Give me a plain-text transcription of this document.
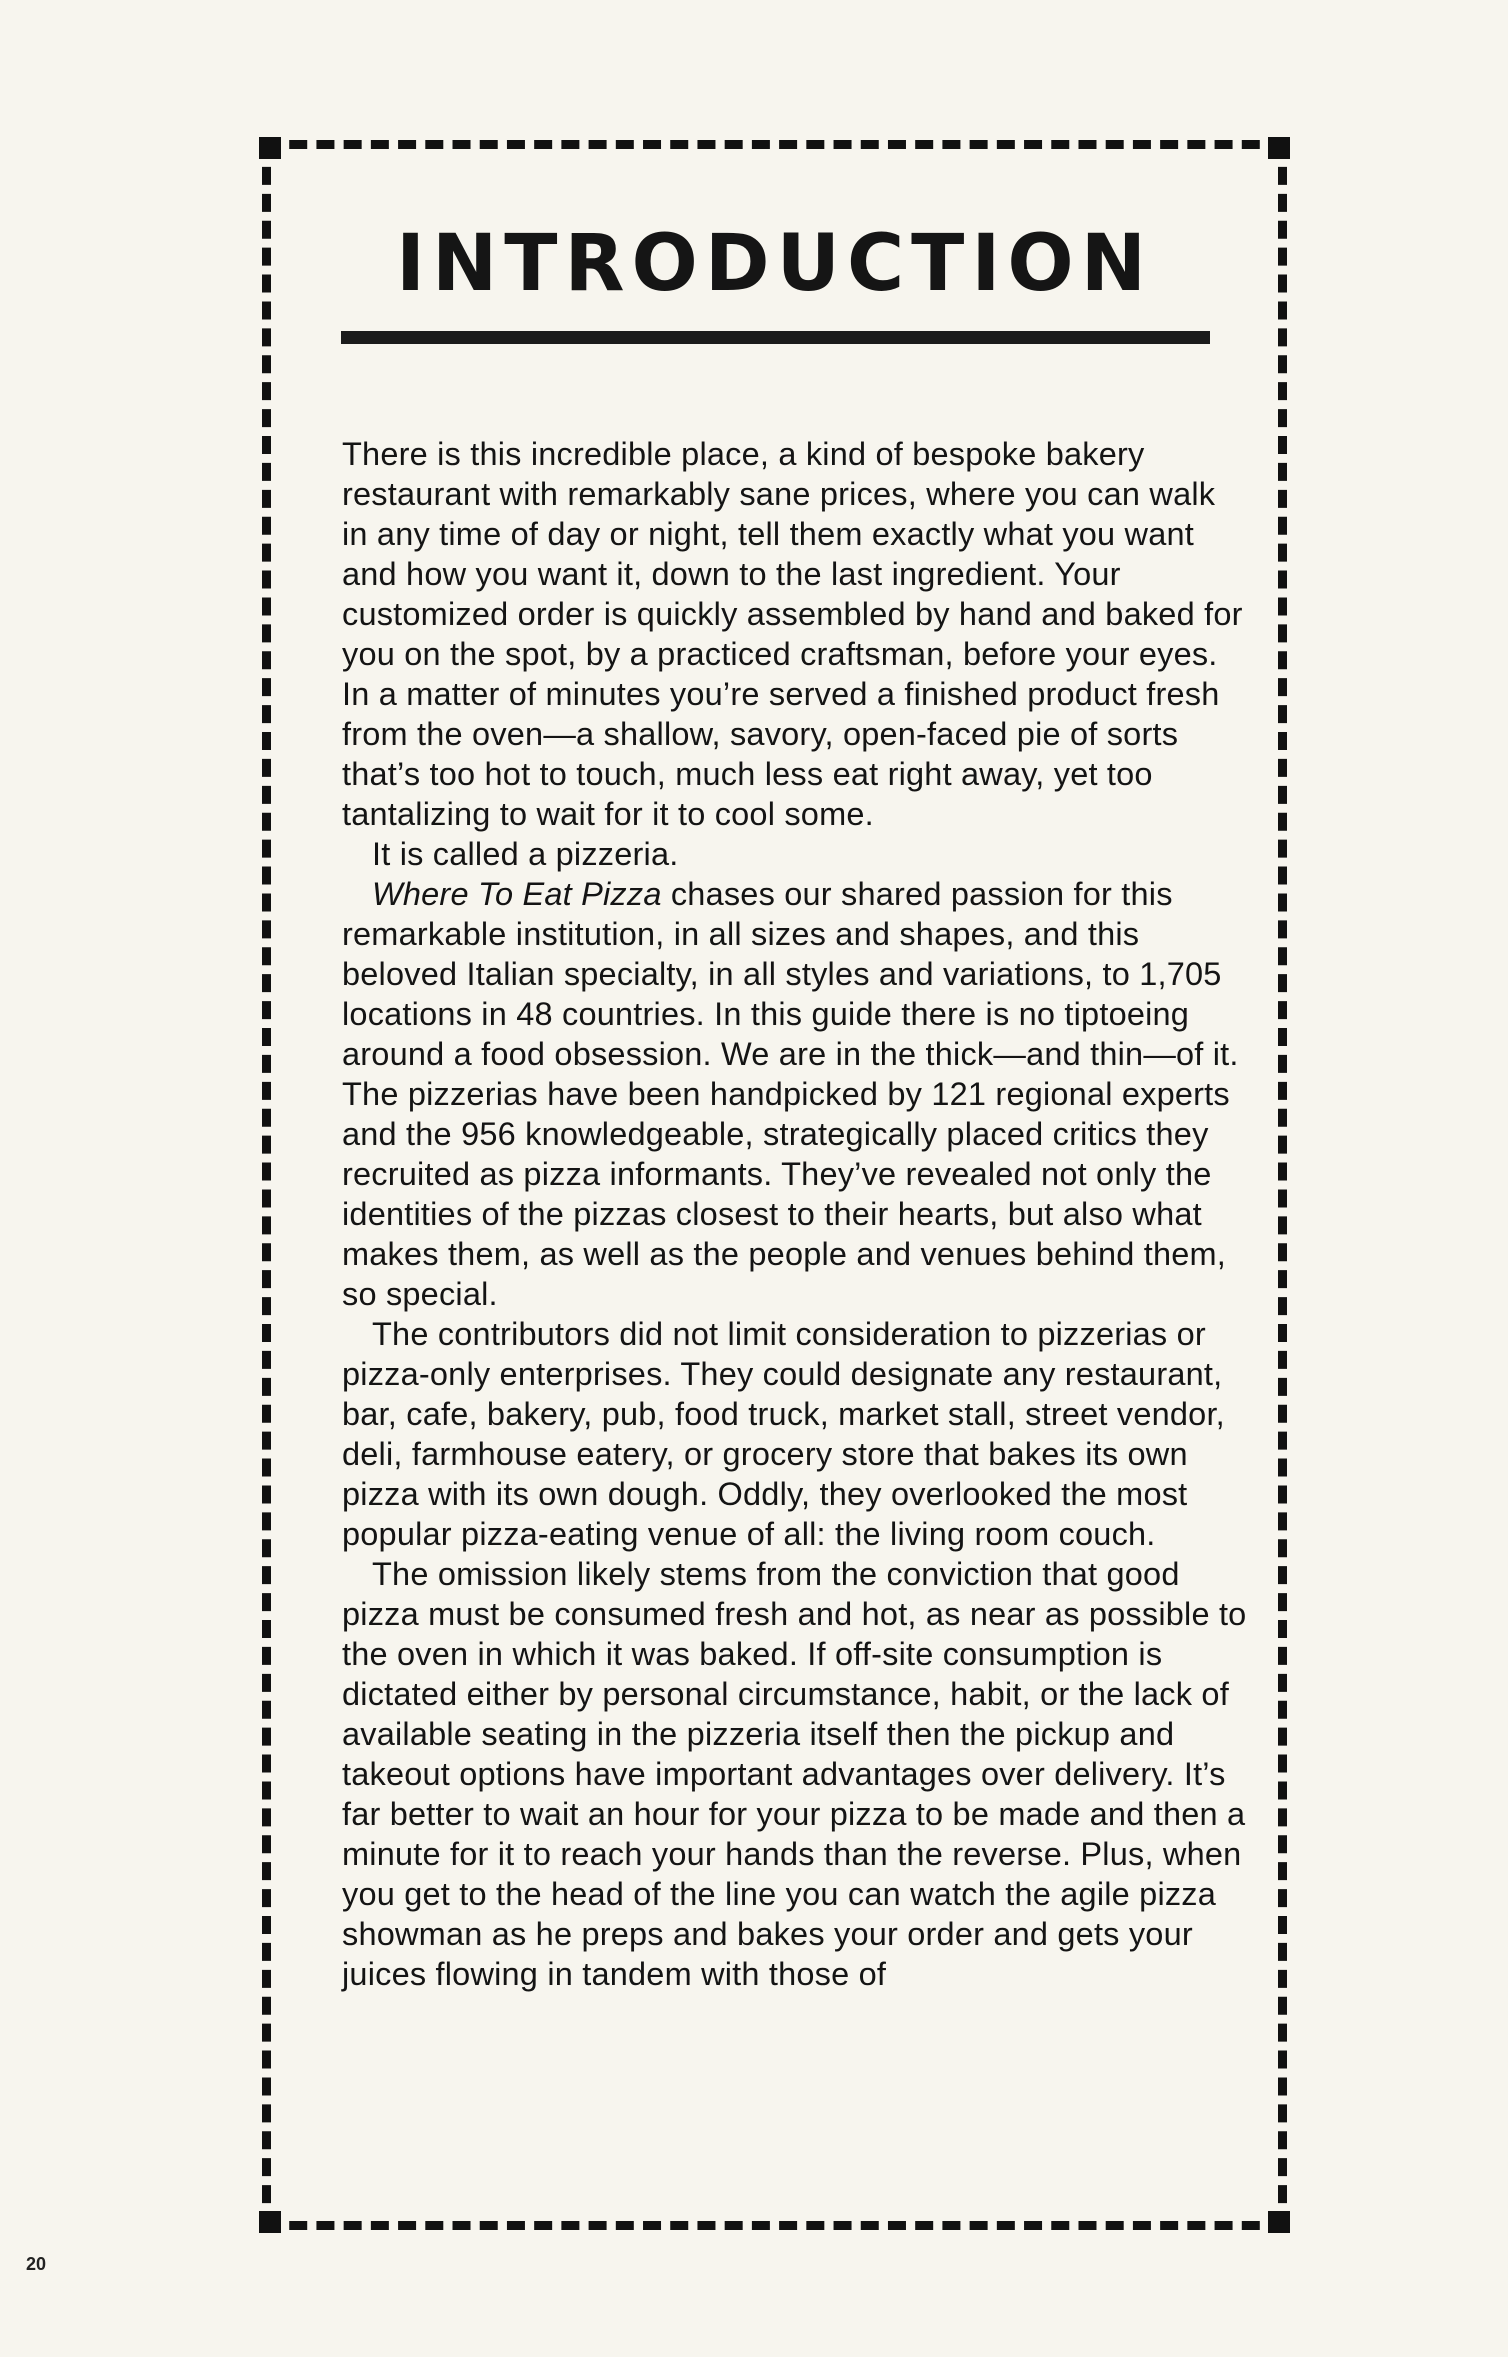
INTRODUCTION

There is this incredible place, a kind of bespoke bakery restaurant with remarkably sane prices, where you can walk in any time of day or night, tell them exactly what you want and how you want it, down to the last ingredient. Your customized order is quickly assembled by hand and baked for you on the spot, by a practiced craftsman, before your eyes. In a matter of minutes you’re served a finished product fresh from the oven—a shallow, savory, open-faced pie of sorts that’s too hot to touch, much less eat right away, yet too tantalizing to wait for it to cool some.

It is called a pizzeria.

Where To Eat Pizza chases our shared passion for this remarkable institution, in all sizes and shapes, and this beloved Italian specialty, in all styles and variations, to 1,705 locations in 48 countries. In this guide there is no tiptoeing around a food obsession. We are in the thick—and thin—of it. The pizzerias have been handpicked by 121 regional experts and the 956 knowledgeable, strategically placed critics they recruited as pizza informants. They’ve revealed not only the identities of the pizzas closest to their hearts, but also what makes them, as well as the people and venues behind them, so special.

The contributors did not limit consideration to pizzerias or pizza-only enterprises. They could designate any restaurant, bar, cafe, bakery, pub, food truck, market stall, street vendor, deli, farmhouse eatery, or grocery store that bakes its own pizza with its own dough. Oddly, they overlooked the most popular pizza-eating venue of all: the living room couch.

The omission likely stems from the conviction that good pizza must be consumed fresh and hot, as near as possible to the oven in which it was baked. If off-site consumption is dictated either by personal circumstance, habit, or the lack of available seating in the pizzeria itself then the pickup and takeout options have important advantages over delivery. It’s far better to wait an hour for your pizza to be made and then a minute for it to reach your hands than the reverse. Plus, when you get to the head of the line you can watch the agile pizza showman as he preps and bakes your order and gets your juices flowing in tandem with those of

20
